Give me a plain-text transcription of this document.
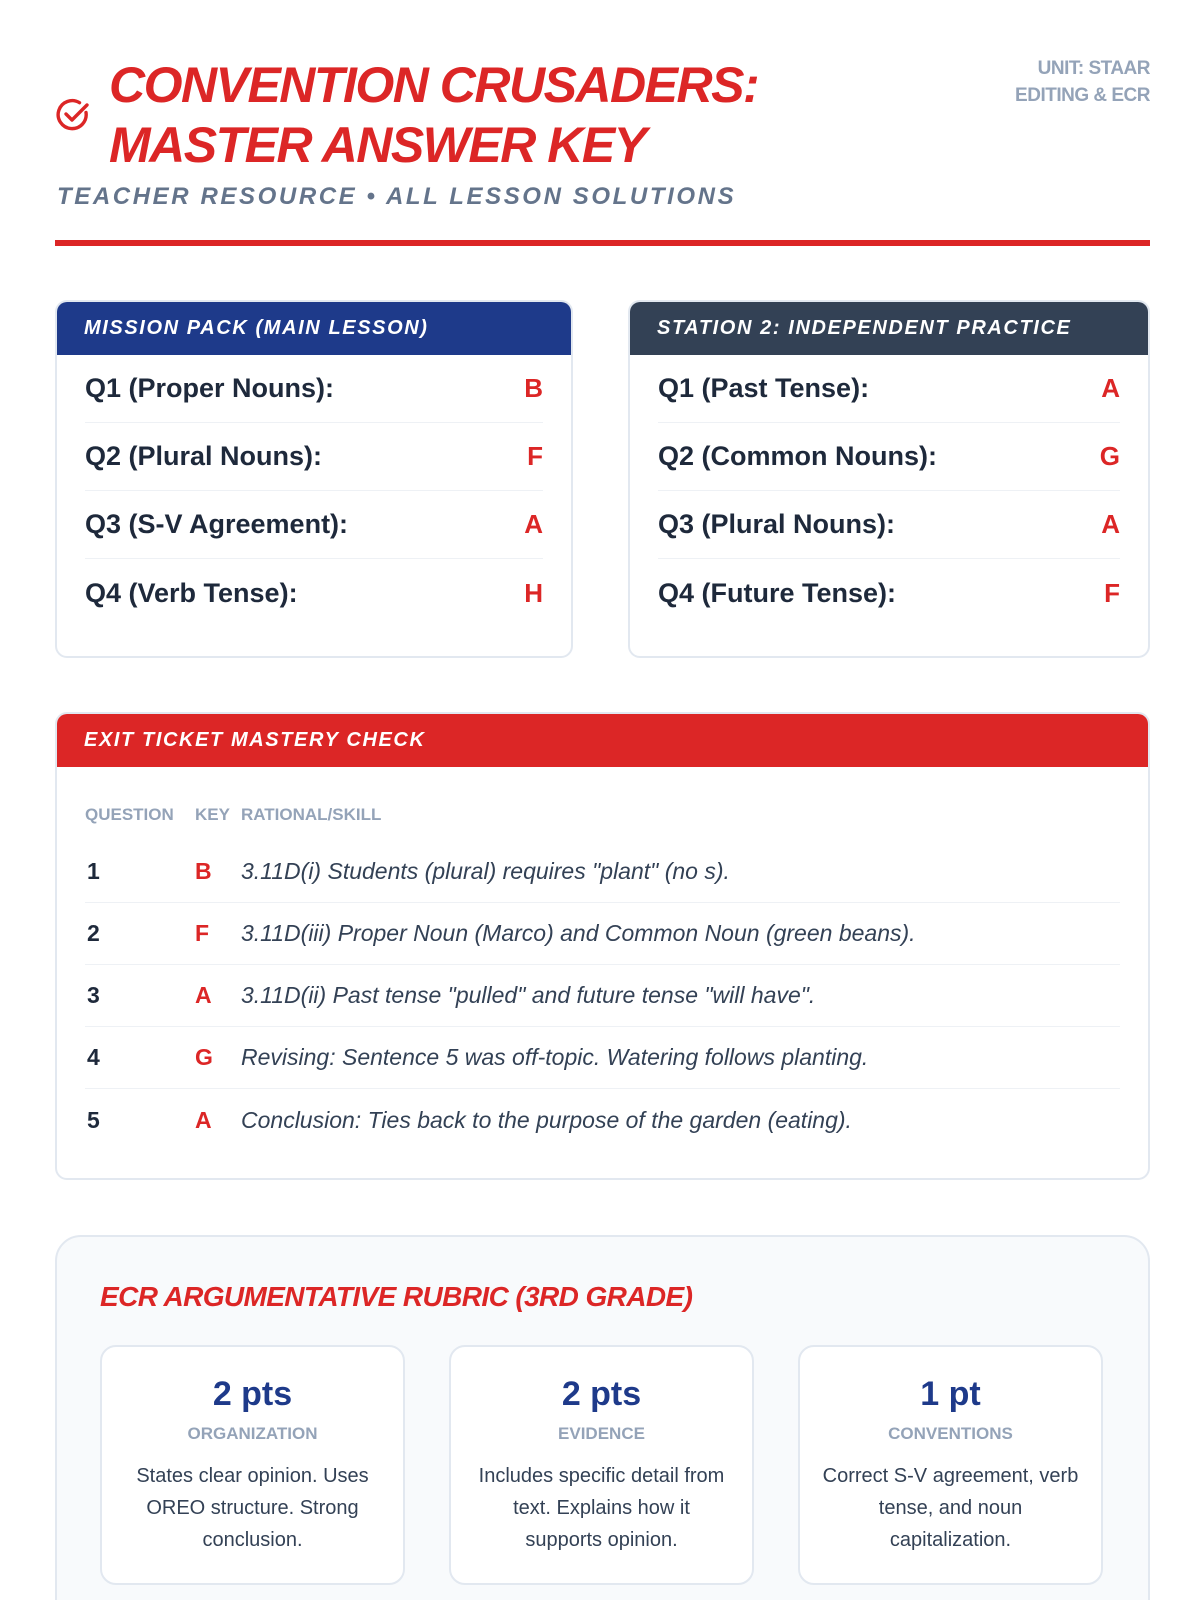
CONVENTION CRUSADERS: MASTER ANSWER KEY
TEACHER RESOURCE • ALL LESSON SOLUTIONS
UNIT: STAAR EDITING & ECR
MISSION PACK (MAIN LESSON)
Q1 (Proper Nouns):	B
Q2 (Plural Nouns):	F
Q3 (S-V Agreement):	A
Q4 (Verb Tense):	H
STATION 2: INDEPENDENT PRACTICE
Q1 (Past Tense):	A
Q2 (Common Nouns):	G
Q3 (Plural Nouns):	A
Q4 (Future Tense):	F
EXIT TICKET MASTERY CHECK
QUESTION	KEY RATIONAL/SKILL
1	B	3.11D(i) Students (plural) requires "plant" (no s).
2	F	3.11D(iii) Proper Noun (Marco) and Common Noun (green beans).
3	A	3.11D(ii) Past tense "pulled" and future tense "will have".
4	G	Revising: Sentence 5 was off-topic. Watering follows planting.
5	A	Conclusion: Ties back to the purpose of the garden (eating).
ECR ARGUMENTATIVE RUBRIC (3RD GRADE)
2 pts
ORGANIZATION
States clear opinion. Uses OREO structure. Strong conclusion.
2 pts
EVIDENCE
Includes specific detail from text. Explains how it supports opinion.
1 pt
CONVENTIONS
Correct S-V agreement, verb tense, and noun capitalization.
